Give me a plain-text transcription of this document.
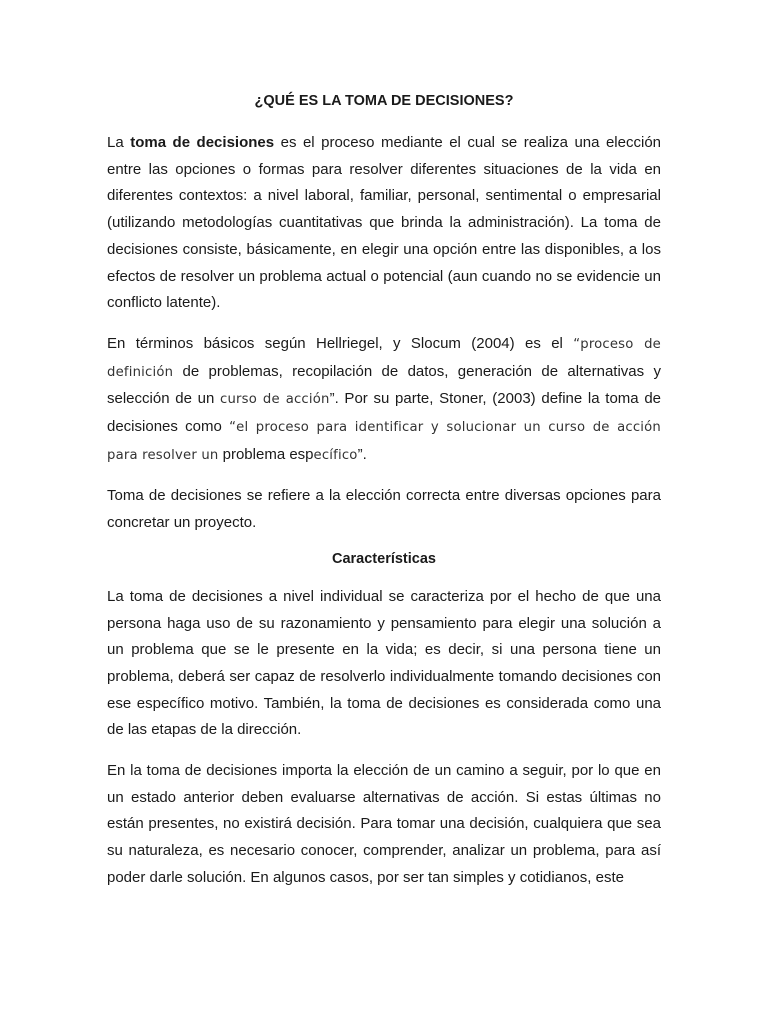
¿QUÉ ES LA TOMA DE DECISIONES?

La toma de decisiones es el proceso mediante el cual se realiza una elección entre las opciones o formas para resolver diferentes situaciones de la vida en diferentes contextos: a nivel laboral, familiar, personal, sentimental o empresarial (utilizando metodologías cuantitativas que brinda la administración). La toma de decisiones consiste, básicamente, en elegir una opción entre las disponibles, a los efectos de resolver un problema actual o potencial (aun cuando no se evidencie un conflicto latente).

En términos básicos según Hellriegel, y Slocum (2004) es el “proceso de definición de problemas, recopilación de datos, generación de alternativas y selección de un curso de acción”. Por su parte, Stoner, (2003) define la toma de decisiones como “el proceso para identificar y solucionar un curso de acción para resolver un problema específico”.

Toma de decisiones se refiere a la elección correcta entre diversas opciones para concretar un proyecto.

Características

La toma de decisiones a nivel individual se caracteriza por el hecho de que una persona haga uso de su razonamiento y pensamiento para elegir una solución a un problema que se le presente en la vida; es decir, si una persona tiene un problema, deberá ser capaz de resolverlo individualmente tomando decisiones con ese específico motivo. También, la toma de decisiones es considerada como una de las etapas de la dirección.

En la toma de decisiones importa la elección de un camino a seguir, por lo que en un estado anterior deben evaluarse alternativas de acción. Si estas últimas no están presentes, no existirá decisión. Para tomar una decisión, cualquiera que sea su naturaleza, es necesario conocer, comprender, analizar un problema, para así poder darle solución. En algunos casos, por ser tan simples y cotidianos, este
